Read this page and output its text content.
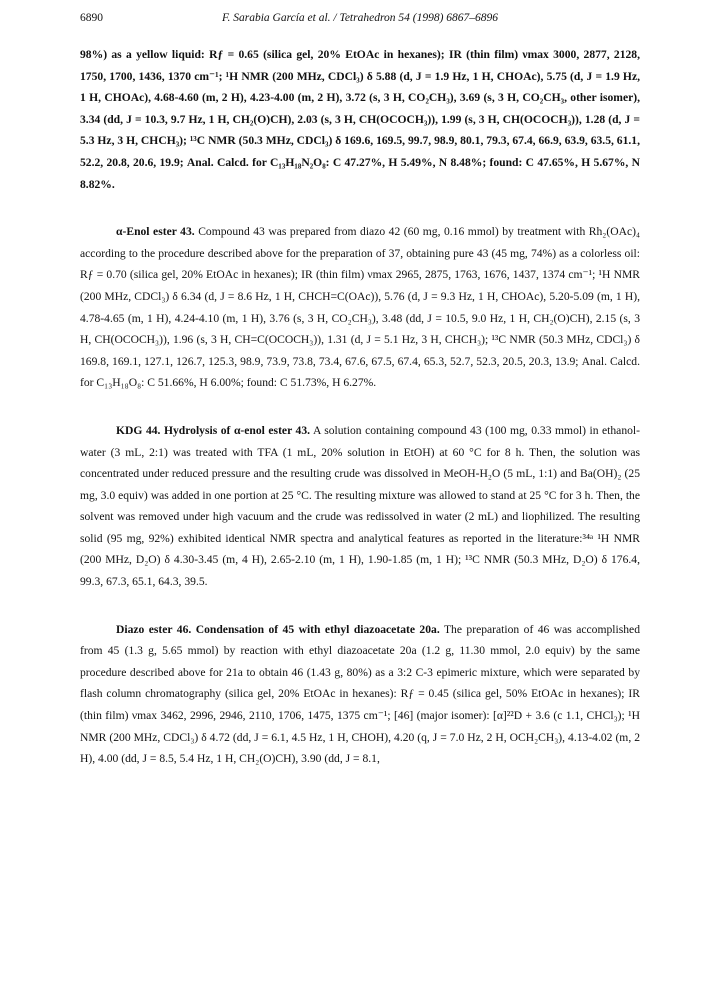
6890	F. Sarabia García et al. / Tetrahedron 54 (1998) 6867–6896

98%) as a yellow liquid: Rƒ = 0.65 (silica gel, 20% EtOAc in hexanes); IR (thin film) νmax 3000, 2877, 2128, 1750, 1700, 1436, 1370 cm⁻¹; ¹H NMR (200 MHz, CDCl₃) δ 5.88 (d, J = 1.9 Hz, 1 H, CHOAc), 5.75 (d, J = 1.9 Hz, 1 H, CHOAc), 4.68-4.60 (m, 2 H), 4.23-4.00 (m, 2 H), 3.72 (s, 3 H, CO₂CH₃), 3.69 (s, 3 H, CO₂CH₃, other isomer), 3.34 (dd, J = 10.3, 9.7 Hz, 1 H, CH₂(O)CH), 2.03 (s, 3 H, CH(OCOCH₃)), 1.99 (s, 3 H, CH(OCOCH₃)), 1.28 (d, J = 5.3 Hz, 3 H, CHCH₃); ¹³C NMR (50.3 MHz, CDCl₃) δ 169.6, 169.5, 99.7, 98.9, 80.1, 79.3, 67.4, 66.9, 63.9, 63.5, 61.1, 52.2, 20.8, 20.6, 19.9; Anal. Calcd. for C₁₃H₁₈N₂O₈: C 47.27%, H 5.49%, N 8.48%; found: C 47.65%, H 5.67%, N 8.82%.

α-Enol ester 43. Compound 43 was prepared from diazo 42 (60 mg, 0.16 mmol) by treatment with Rh₂(OAc)₄ according to the procedure described above for the preparation of 37, obtaining pure 43 (45 mg, 74%) as a colorless oil: Rƒ = 0.70 (silica gel, 20% EtOAc in hexanes); IR (thin film) νmax 2965, 2875, 1763, 1676, 1437, 1374 cm⁻¹; ¹H NMR (200 MHz, CDCl₃) δ 6.34 (d, J = 8.6 Hz, 1 H, CHCH=C(OAc)), 5.76 (d, J = 9.3 Hz, 1 H, CHOAc), 5.20-5.09 (m, 1 H), 4.78-4.65 (m, 1 H), 4.24-4.10 (m, 1 H), 3.76 (s, 3 H, CO₂CH₃), 3.48 (dd, J = 10.5, 9.0 Hz, 1 H, CH₂(O)CH), 2.15 (s, 3 H, CH(OCOCH₃)), 1.96 (s, 3 H, CH=C(OCOCH₃)), 1.31 (d, J = 5.1 Hz, 3 H, CHCH₃); ¹³C NMR (50.3 MHz, CDCl₃) δ 169.8, 169.1, 127.1, 126.7, 125.3, 98.9, 73.9, 73.8, 73.4, 67.6, 67.5, 67.4, 65.3, 52.7, 52.3, 20.5, 20.3, 13.9; Anal. Calcd. for C₁₃H₁₈O₈: C 51.66%, H 6.00%; found: C 51.73%, H 6.27%.

KDG 44. Hydrolysis of α-enol ester 43. A solution containing compound 43 (100 mg, 0.33 mmol) in ethanol-water (3 mL, 2:1) was treated with TFA (1 mL, 20% solution in EtOH) at 60 °C for 8 h. Then, the solution was concentrated under reduced pressure and the resulting crude was dissolved in MeOH-H₂O (5 mL, 1:1) and Ba(OH)₂ (25 mg, 3.0 equiv) was added in one portion at 25 °C. The resulting mixture was allowed to stand at 25 °C for 3 h. Then, the solvent was removed under high vacuum and the crude was redissolved in water (2 mL) and liophilized. The resulting solid (95 mg, 92%) exhibited identical NMR spectra and analytical features as reported in the literature:³⁴ᵃ ¹H NMR (200 MHz, D₂O) δ 4.30-3.45 (m, 4 H), 2.65-2.10 (m, 1 H), 1.90-1.85 (m, 1 H); ¹³C NMR (50.3 MHz, D₂O) δ 176.4, 99.3, 67.3, 65.1, 64.3, 39.5.

Diazo ester 46. Condensation of 45 with ethyl diazoacetate 20a. The preparation of 46 was accomplished from 45 (1.3 g, 5.65 mmol) by reaction with ethyl diazoacetate 20a (1.2 g, 11.30 mmol, 2.0 equiv) by the same procedure described above for 21a to obtain 46 (1.43 g, 80%) as a 3:2 C-3 epimeric mixture, which were separated by flash column chromatography (silica gel, 20% EtOAc in hexanes): Rƒ = 0.45 (silica gel, 50% EtOAc in hexanes); IR (thin film) νmax 3462, 2996, 2946, 2110, 1706, 1475, 1375 cm⁻¹; [46] (major isomer): [α]²²D + 3.6 (c 1.1, CHCl₃); ¹H NMR (200 MHz, CDCl₃) δ 4.72 (dd, J = 6.1, 4.5 Hz, 1 H, CHOH), 4.20 (q, J = 7.0 Hz, 2 H, OCH₂CH₃), 4.13-4.02 (m, 2 H), 4.00 (dd, J = 8.5, 5.4 Hz, 1 H, CH₂(O)CH), 3.90 (dd, J = 8.1,
